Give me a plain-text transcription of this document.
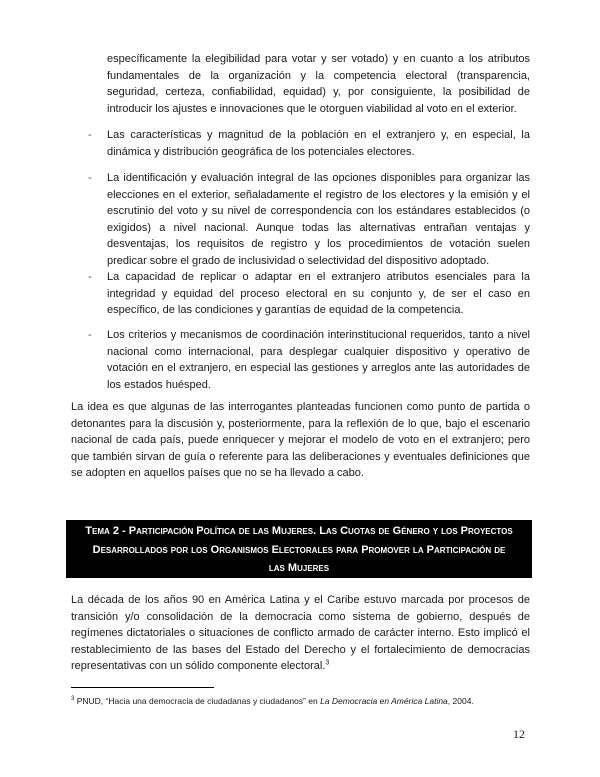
específicamente la elegibilidad para votar y ser votado) y en cuanto a los atributos fundamentales de la organización y la competencia electoral (transparencia, seguridad, certeza, confiabilidad, equidad) y, por consiguiente, la posibilidad de introducir los ajustes e innovaciones que le otorguen viabilidad al voto en el exterior.

- Las características y magnitud de la población en el extranjero y, en especial, la dinámica y distribución geográfica de los potenciales electores.

- La identificación y evaluación integral de las opciones disponibles para organizar las elecciones en el exterior, señaladamente el registro de los electores y la emisión y el escrutinio del voto y su nivel de correspondencia con los estándares establecidos (o exigidos) a nivel nacional. Aunque todas las alternativas entrañan ventajas y desventajas, los requisitos de registro y los procedimientos de votación suelen predicar sobre el grado de inclusividad o selectividad del dispositivo adoptado.

- La capacidad de replicar o adaptar en el extranjero atributos esenciales para la integridad y equidad del proceso electoral en su conjunto y, de ser el caso en específico, de las condiciones y garantías de equidad de la competencia.

- Los criterios y mecanismos de coordinación interinstitucional requeridos, tanto a nivel nacional como internacional, para desplegar cualquier dispositivo y operativo de votación en el extranjero, en especial las gestiones y arreglos ante las autoridades de los estados huésped.

La idea es que algunas de las interrogantes planteadas funcionen como punto de partida o detonantes para la discusión y, posteriormente, para la reflexión de lo que, bajo el escenario nacional de cada país, puede enriquecer y mejorar el modelo de voto en el extranjero; pero que también sirvan de guía o referente para las deliberaciones y eventuales definiciones que se adopten en aquellos países que no se ha llevado a cabo.

Tema 2 - Participación Política de las Mujeres. Las Cuotas de Género y los Proyectos
Desarrollados por los Organismos Electorales para Promover la Participación de
las Mujeres

La década de los años 90 en América Latina y el Caribe estuvo marcada por procesos de transición y/o consolidación de la democracia como sistema de gobierno, después de regímenes dictatoriales o situaciones de conflicto armado de carácter interno. Esto implicó el restablecimiento de las bases del Estado del Derecho y el fortalecimiento de democracias representativas con un sólido componente electoral.$^3$

$^3$ PNUD, “Hacia una democracia de ciudadanas y ciudadanos” en La Democracia en América Latina, 2004.
12
